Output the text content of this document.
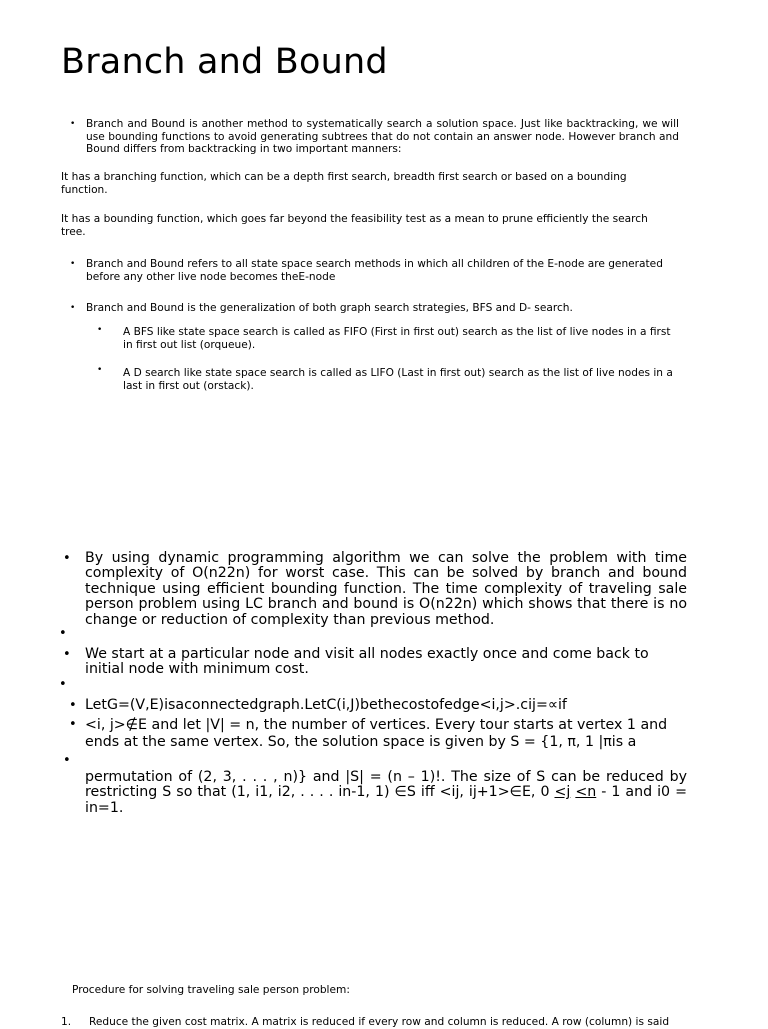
Branch and Bound
• Branch and Bound is another method to systematically search a solution space. Just like backtracking, we will use bounding functions to avoid generating subtrees that do not contain an answer node. However branch and Bound differs from backtracking in two important manners:

It has a branching function, which can be a depth first search, breadth first search or based on a bounding function.

It has a bounding function, which goes far beyond the feasibility test as a mean to prune efficiently the search tree.

• Branch and Bound refers to all state space search methods in which all children of the E-node are generated before any other live node becomes theE-node

• Branch and Bound is the generalization of both graph search strategies, BFS and D- search.

• A BFS like state space search is called as FIFO (First in first out) search as the list of live nodes in a first in first out list (orqueue).

• A D search like state space search is called as LIFO (Last in first out) search as the list of live nodes in a last in first out (orstack).

• By using dynamic programming algorithm we can solve the problem with time complexity of O(n22n) for worst case. This can be solved by branch and bound technique using efficient bounding function. The time complexity of traveling sale person problem using LC branch and bound is O(n22n) which shows that there is no change or reduction of complexity than previous method.

•
• We start at a particular node and visit all nodes exactly once and come back to initial node with minimum cost.

•
• LetG=(V,E)isaconnectedgraph.LetC(i,J)bethecostofedge<i,j>.cij=∝if

• <i, j>∉E and let |V| = n, the number of vertices. Every tour starts at vertex 1 and

ends at the same vertex. So, the solution space is given by S = {1, π, 1 |πis a

•

permutation of (2, 3, . . . , n)} and |S| = (n – 1)!. The size of S can be reduced by restricting S so that (1, i1, i2, . . . . in-1, 1) ∈S iff <ij, ij+1>∈E, 0 <j <n - 1 and i0 = in=1.

Procedure for solving traveling sale person problem:

1. Reduce the given cost matrix. A matrix is reduced if every row and column is reduced. A row (column) is said
